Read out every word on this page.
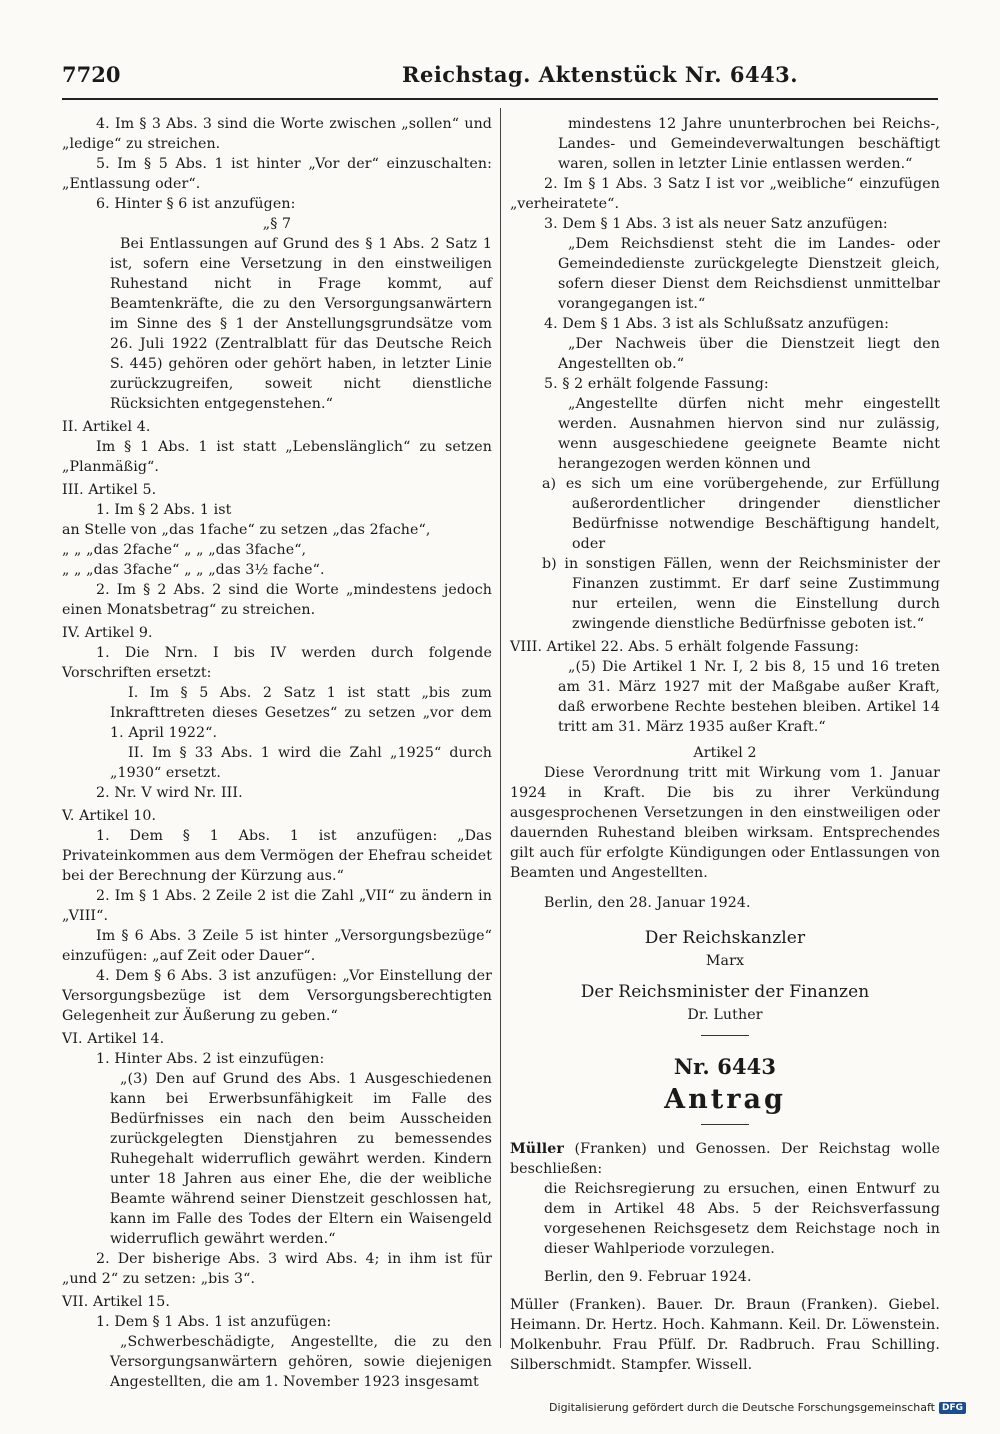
7720	Reichstag. Aktenstück Nr. 6443.

4. Im § 3 Abs. 3 sind die Worte zwischen „sollen“ und „ledige“ zu streichen.

5. Im § 5 Abs. 1 ist hinter „Vor der“ einzuschalten: „Entlassung oder“.

6. Hinter § 6 ist anzufügen:

„§ 7

Bei Entlassungen auf Grund des § 1 Abs. 2 Satz 1 ist, sofern eine Versetzung in den einstweiligen Ruhestand nicht in Frage kommt, auf Beamtenkräfte, die zu den Versorgungsanwärtern im Sinne des § 1 der Anstellungsgrundsätze vom 26. Juli 1922 (Zentralblatt für das Deutsche Reich S. 445) gehören oder gehört haben, in letzter Linie zurückzugreifen, soweit nicht dienstliche Rücksichten entgegenstehen.“

II. Artikel 4.

Im § 1 Abs. 1 ist statt „Lebenslänglich“ zu setzen „Planmäßig“.

III. Artikel 5.

1. Im § 2 Abs. 1 ist

an Stelle von „das 1fache“ zu setzen „das 2fache“,

„ „ „das 2fache“ „ „ „das 3fache“,

„ „ „das 3fache“ „ „ „das 3½ fache“.

2. Im § 2 Abs. 2 sind die Worte „mindestens jedoch einen Monatsbetrag“ zu streichen.

IV. Artikel 9.

1. Die Nrn. I bis IV werden durch folgende Vorschriften ersetzt:

I. Im § 5 Abs. 2 Satz 1 ist statt „bis zum Inkrafttreten dieses Gesetzes“ zu setzen „vor dem 1. April 1922“.

II. Im § 33 Abs. 1 wird die Zahl „1925“ durch „1930“ ersetzt.

2. Nr. V wird Nr. III.

V. Artikel 10.

1. Dem § 1 Abs. 1 ist anzufügen: „Das Privateinkommen aus dem Vermögen der Ehefrau scheidet bei der Berechnung der Kürzung aus.“

2. Im § 1 Abs. 2 Zeile 2 ist die Zahl „VII“ zu ändern in „VIII“.

Im § 6 Abs. 3 Zeile 5 ist hinter „Versorgungsbezüge“ einzufügen: „auf Zeit oder Dauer“.

4. Dem § 6 Abs. 3 ist anzufügen: „Vor Einstellung der Versorgungsbezüge ist dem Versorgungsberechtigten Gelegenheit zur Äußerung zu geben.“

VI. Artikel 14.

1. Hinter Abs. 2 ist einzufügen:

„(3) Den auf Grund des Abs. 1 Ausgeschiedenen kann bei Erwerbsunfähigkeit im Falle des Bedürfnisses ein nach den beim Ausscheiden zurückgelegten Dienstjahren zu bemessendes Ruhegehalt widerruflich gewährt werden. Kindern unter 18 Jahren aus einer Ehe, die der weibliche Beamte während seiner Dienstzeit geschlossen hat, kann im Falle des Todes der Eltern ein Waisengeld widerruflich gewährt werden.“

2. Der bisherige Abs. 3 wird Abs. 4; in ihm ist für „und 2“ zu setzen: „bis 3“.

VII. Artikel 15.

1. Dem § 1 Abs. 1 ist anzufügen:

„Schwerbeschädigte, Angestellte, die zu den Versorgungsanwärtern gehören, sowie diejenigen Angestellten, die am 1. November 1923 insgesamt

mindestens 12 Jahre ununterbrochen bei Reichs-, Landes- und Gemeindeverwaltungen beschäftigt waren, sollen in letzter Linie entlassen werden.“

2. Im § 1 Abs. 3 Satz I ist vor „weibliche“ einzufügen „verheiratete“.

3. Dem § 1 Abs. 3 ist als neuer Satz anzufügen:

„Dem Reichsdienst steht die im Landes- oder Gemeindedienste zurückgelegte Dienstzeit gleich, sofern dieser Dienst dem Reichsdienst unmittelbar vorangegangen ist.“

4. Dem § 1 Abs. 3 ist als Schlußsatz anzufügen:

„Der Nachweis über die Dienstzeit liegt den Angestellten ob.“

5. § 2 erhält folgende Fassung:

„Angestellte dürfen nicht mehr eingestellt werden. Ausnahmen hiervon sind nur zulässig, wenn ausgeschiedene geeignete Beamte nicht herangezogen werden können und

a) es sich um eine vorübergehende, zur Erfüllung außerordentlicher dringender dienstlicher Bedürfnisse notwendige Beschäftigung handelt, oder

b) in sonstigen Fällen, wenn der Reichsminister der Finanzen zustimmt. Er darf seine Zustimmung nur erteilen, wenn die Einstellung durch zwingende dienstliche Bedürfnisse geboten ist.“

VIII. Artikel 22. Abs. 5 erhält folgende Fassung:

„(5) Die Artikel 1 Nr. I, 2 bis 8, 15 und 16 treten am 31. März 1927 mit der Maßgabe außer Kraft, daß erworbene Rechte bestehen bleiben. Artikel 14 tritt am 31. März 1935 außer Kraft.“

Artikel 2

Diese Verordnung tritt mit Wirkung vom 1. Januar 1924 in Kraft. Die bis zu ihrer Verkündung ausgesprochenen Versetzungen in den einstweiligen oder dauernden Ruhestand bleiben wirksam. Entsprechendes gilt auch für erfolgte Kündigungen oder Entlassungen von Beamten und Angestellten.

Berlin, den 28. Januar 1924.

Der Reichskanzler

Marx

Der Reichsminister der Finanzen

Dr. Luther

Nr. 6443

Antrag

Müller (Franken) und Genossen. Der Reichstag wolle beschließen:

die Reichsregierung zu ersuchen, einen Entwurf zu dem in Artikel 48 Abs. 5 der Reichsverfassung vorgesehenen Reichsgesetz dem Reichstage noch in dieser Wahlperiode vorzulegen.

Berlin, den 9. Februar 1924.

Müller (Franken). Bauer. Dr. Braun (Franken). Giebel. Heimann. Dr. Hertz. Hoch. Kahmann. Keil. Dr. Löwenstein. Molkenbuhr. Frau Pfülf. Dr. Radbruch. Frau Schilling. Silberschmidt. Stampfer. Wissell.

Digitalisierung gefördert durch die Deutsche Forschungsgemeinschaft DFG
